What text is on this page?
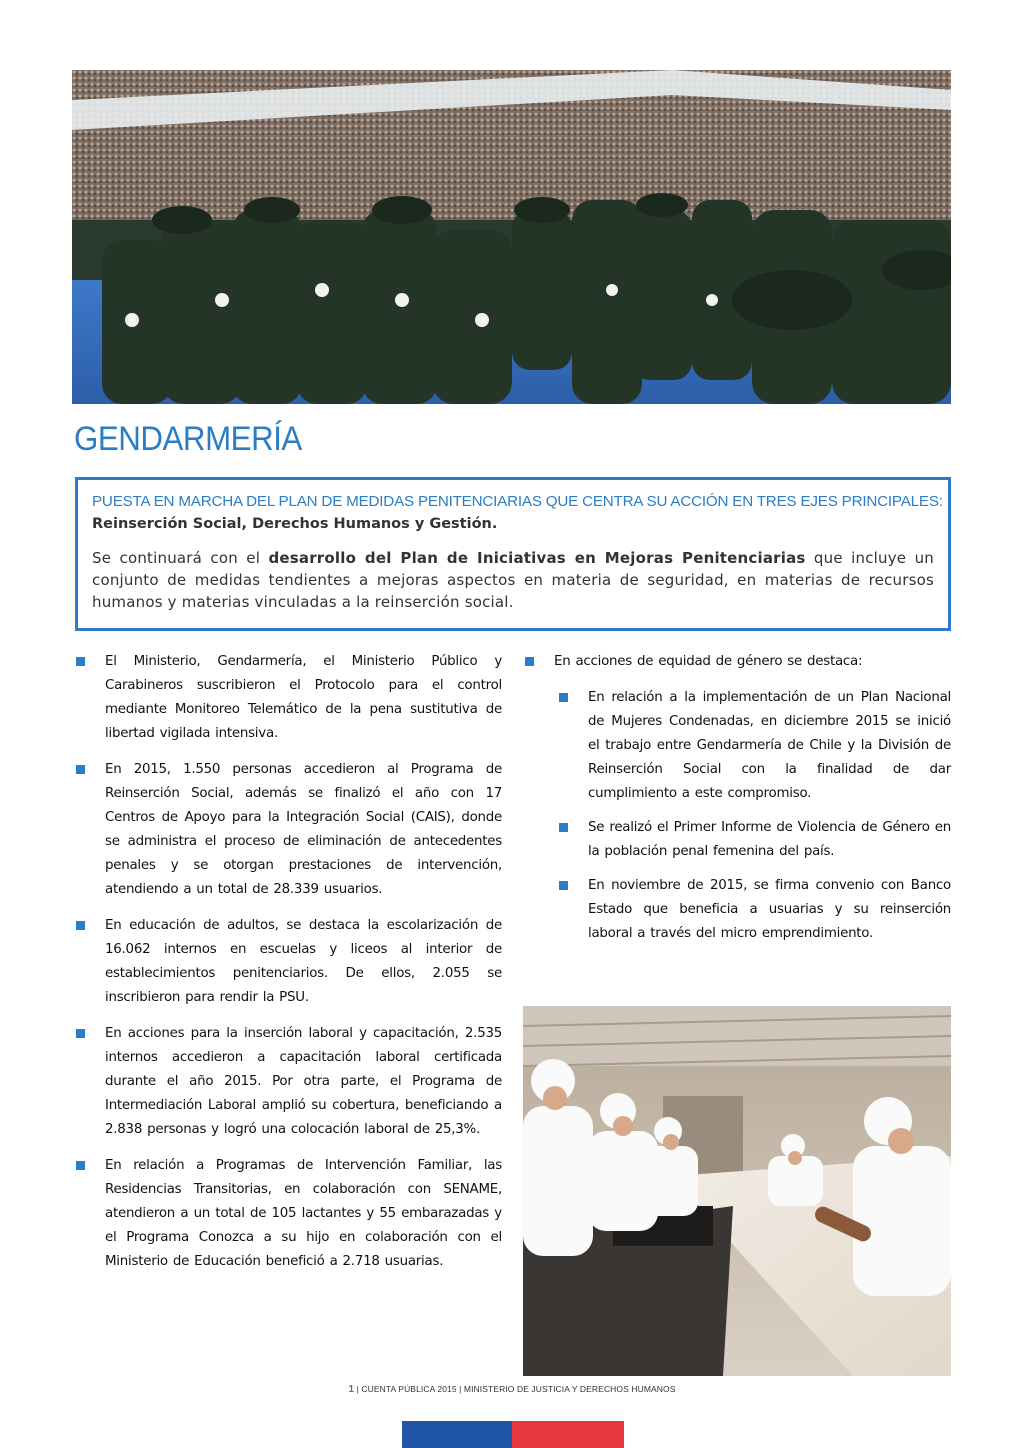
GENDARMERÍA
PUESTA EN MARCHA DEL PLAN DE MEDIDAS PENITENCIARIAS QUE CENTRA SU ACCIÓN EN TRES EJES PRINCIPALES:
Reinserción Social, Derechos Humanos y Gestión.
Se continuará con el desarrollo del Plan de Iniciativas en Mejoras Penitenciarias que incluye un conjunto de medidas tendientes a mejoras aspectos en materia de seguridad, en materias de recursos humanos y materias vinculadas a la reinserción social.
El Ministerio, Gendarmería, el Ministerio Público y Carabineros suscribieron el Protocolo para el control mediante Monitoreo Telemático de la pena sustitutiva de libertad vigilada intensiva.
En 2015, 1.550 personas accedieron al Programa de Reinserción Social, además se finalizó el año con 17 Centros de Apoyo para la Integración Social (CAIS), donde se administra el proceso de eliminación de antecedentes penales y se otorgan prestaciones de intervención, atendiendo a un total de 28.339 usuarios.
En educación de adultos, se destaca la escolarización de 16.062 internos en escuelas y liceos al interior de establecimientos penitenciarios. De ellos, 2.055 se inscribieron para rendir la PSU.
En acciones para la inserción laboral y capacitación, 2.535 internos accedieron a capacitación laboral certificada durante el año 2015. Por otra parte, el Programa de Intermediación Laboral amplió su cobertura, beneficiando a 2.838 personas y logró una colocación laboral de 25,3%.
En relación a Programas de Intervención Familiar, las Residencias Transitorias, en colaboración con SENAME, atendieron a un total de 105 lactantes y 55 embarazadas y el Programa Conozca a su hijo en colaboración con el Ministerio de Educación benefició a 2.718 usuarias.
En acciones de equidad de género se destaca:
En relación a la implementación de un Plan Nacional de Mujeres Condenadas, en diciembre 2015 se inició el trabajo entre Gendarmería de Chile y la División de Reinserción Social con la finalidad de dar cumplimiento a este compromiso.
Se realizó el Primer Informe de Violencia de Género en la población penal femenina del país.
En noviembre de 2015, se firma convenio con Banco Estado que beneficia a usuarias y su reinserción laboral a través del micro emprendimiento.
1 | CUENTA PÚBLICA 2015 | MINISTERIO DE JUSTICIA Y DERECHOS HUMANOS
